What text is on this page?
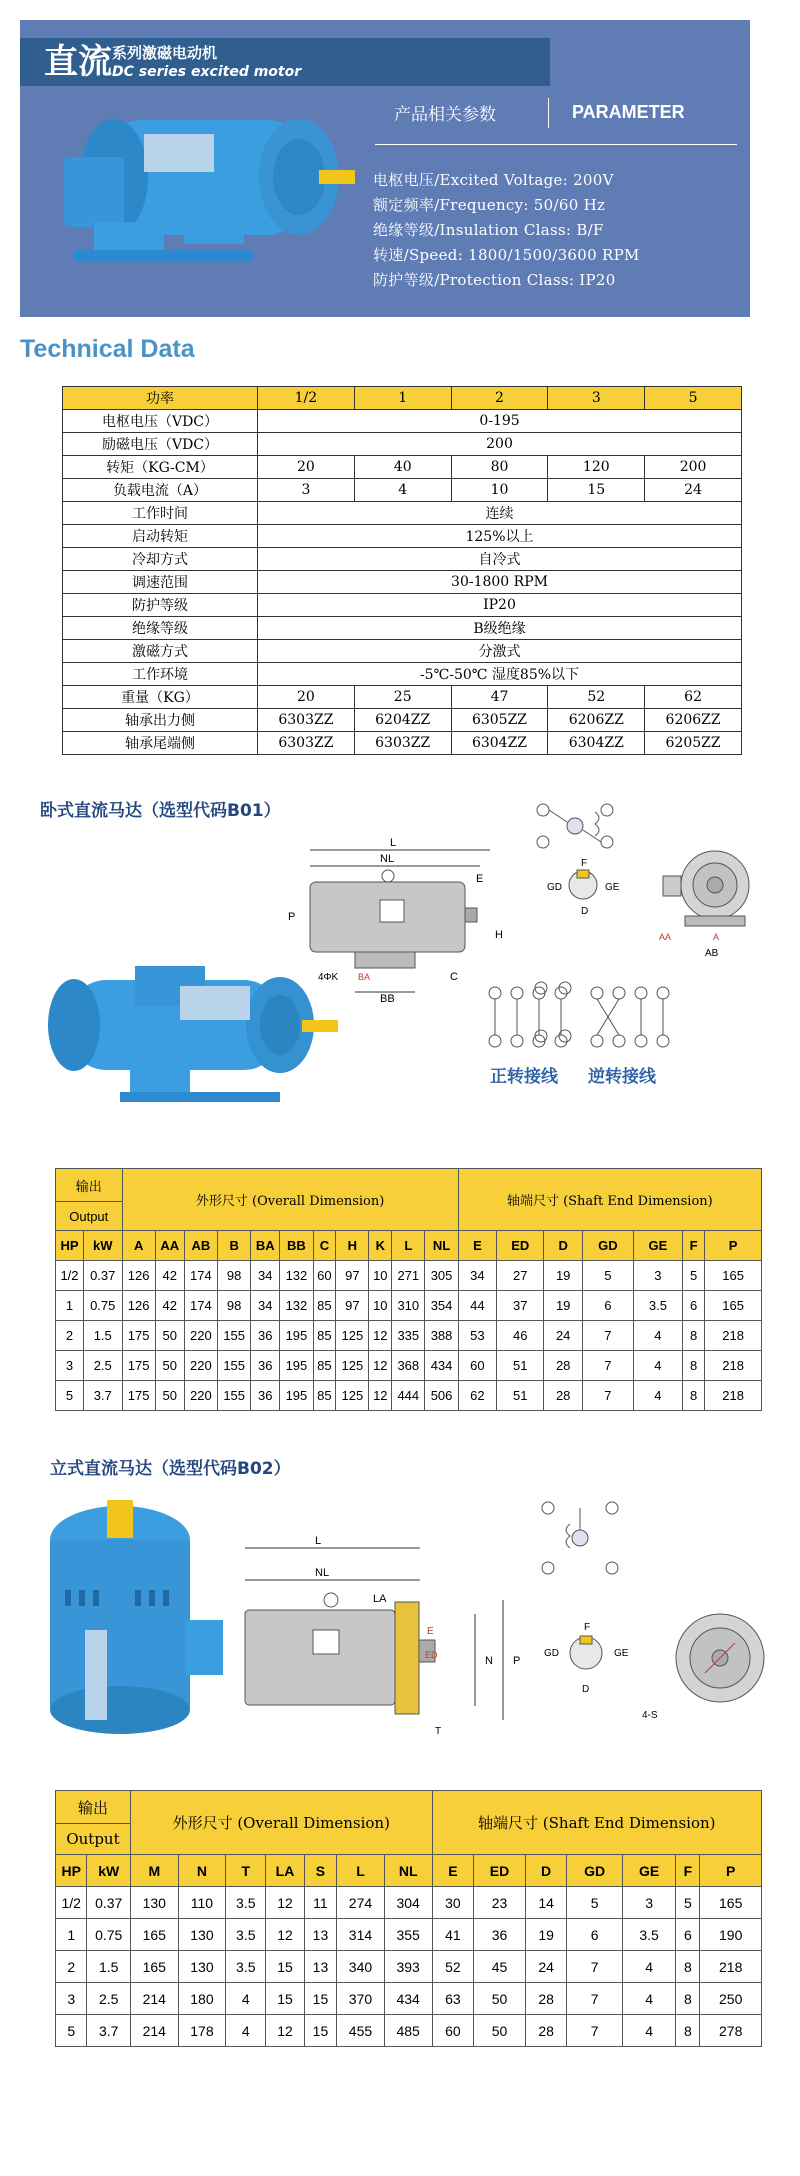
直流 系列激磁电动机
DC series excited motor
产品相关参数	PARAMETER
电枢电压/Excited Voltage: 200V
额定频率/Frequency: 50/60 Hz
绝缘等级/Insulation Class: B/F
转速/Speed: 1800/1500/3600 RPM
防护等级/Protection Class: IP20
Technical Data
功率	1/2	1	2	3	5
电枢电压（VDC）	0-195				
励磁电压（VDC）	200				
转矩（KG-CM）	20	40	80	120	200
负载电流（A）	3	4	10	15	24
工作时间	连续				
启动转矩	125%以上				
冷却方式	自冷式				
调速范围	30-1800 RPM				
防护等级	IP20				
绝缘等级	B级绝缘				
激磁方式	分激式				
工作环境	-5℃-50℃ 湿度85%以下				
重量（KG）	20	25	47	52	62
轴承出力侧	6303ZZ	6204ZZ	6305ZZ	6206ZZ	6206ZZ
轴承尾端侧	6303ZZ	6303ZZ	6304ZZ	6304ZZ	6205ZZ
卧式直流马达（选型代码B01）
L
NL
E
P
H
C
BB
BA
4ΦK
F
GD	GE
D
AA	A
AB
正转接线 逆转接线
输出		外形尺寸 (Overall Dimension)											轴端尺寸 (Shaft End Dimension)						
Output																			
HP	kW	A	AA	AB	B	BA	BB	C	H	K	L	NL	E	ED	D	GD	GE	F	P
1/2	0.37	126	42	174	98	34	132	60	97	10	271	305	34	27	19	5	3	5	165
1	0.75	126	42	174	98	34	132	85	97	10	310	354	44	37	19	6	3.5	6	165
2	1.5	175	50	220	155	36	195	85	125	12	335	388	53	46	24	7	4	8	218
3	2.5	175	50	220	155	36	195	85	125	12	368	434	60	51	28	7	4	8	218
5	3.7	175	50	220	155	36	195	85	125	12	444	506	62	51	28	7	4	8	218
立式直流马达（选型代码B02）
L
NL
LA
E
ED	N P
T
F
GD	GE
D
4-S
输出		外形尺寸 (Overall Dimension)							轴端尺寸 (Shaft End Dimension)						
Output															
HP	kW	M	N	T	LA	S	L	NL	E	ED	D	GD	GE	F	P
1/2	0.37	130	110	3.5	12	11	274	304	30	23	14	5	3	5	165
1	0.75	165	130	3.5	12	13	314	355	41	36	19	6	3.5	6	190
2	1.5	165	130	3.5	15	13	340	393	52	45	24	7	4	8	218
3	2.5	214	180	4	15	15	370	434	63	50	28	7	4	8	250
5	3.7	214	178	4	12	15	455	485	60	50	28	7	4	8	278
